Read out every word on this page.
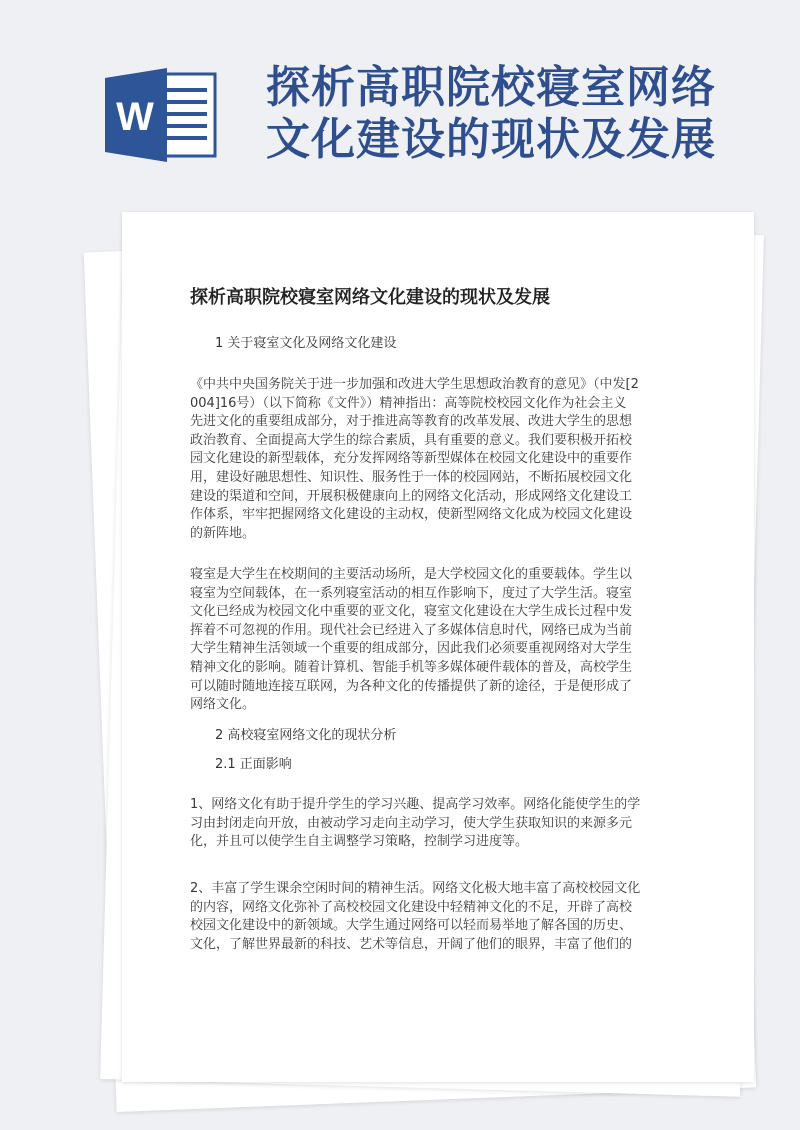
W
探析高职院校寝室网络
文化建设的现状及发展
探析高职院校寝室网络文化建设的现状及发展
1 关于寝室文化及网络文化建设
《中共中央国务院关于进一步加强和改进大学生思想政治教育的意见》（中发[2
004]16号）（以下简称《文件》）精神指出：高等院校校园文化作为社会主义
先进文化的重要组成部分，对于推进高等教育的改革发展、改进大学生的思想
政治教育、全面提高大学生的综合素质，具有重要的意义。我们要积极开拓校
园文化建设的新型载体，充分发挥网络等新型媒体在校园文化建设中的重要作
用，建设好融思想性、知识性、服务性于一体的校园网站，不断拓展校园文化
建设的渠道和空间，开展积极健康向上的网络文化活动，形成网络文化建设工
作体系，牢牢把握网络文化建设的主动权，使新型网络文化成为校园文化建设
的新阵地。
寝室是大学生在校期间的主要活动场所，是大学校园文化的重要载体。学生以
寝室为空间载体，在一系列寝室活动的相互作影响下，度过了大学生活。寝室
文化已经成为校园文化中重要的亚文化，寝室文化建设在大学生成长过程中发
挥着不可忽视的作用。现代社会已经进入了多媒体信息时代，网络已成为当前
大学生精神生活领域一个重要的组成部分，因此我们必须要重视网络对大学生
精神文化的影响。随着计算机、智能手机等多媒体硬件载体的普及，高校学生
可以随时随地连接互联网，为各种文化的传播提供了新的途径，于是便形成了
网络文化。
2 高校寝室网络文化的现状分析
2.1 正面影响
1、网络文化有助于提升学生的学习兴趣、提高学习效率。网络化能使学生的学
习由封闭走向开放，由被动学习走向主动学习，使大学生获取知识的来源多元
化，并且可以使学生自主调整学习策略，控制学习进度等。
2、丰富了学生课余空闲时间的精神生活。网络文化极大地丰富了高校校园文化
的内容，网络文化弥补了高校校园文化建设中轻精神文化的不足，开辟了高校
校园文化建设中的新领域。大学生通过网络可以轻而易举地了解各国的历史、
文化，了解世界最新的科技、艺术等信息，开阔了他们的眼界，丰富了他们的
